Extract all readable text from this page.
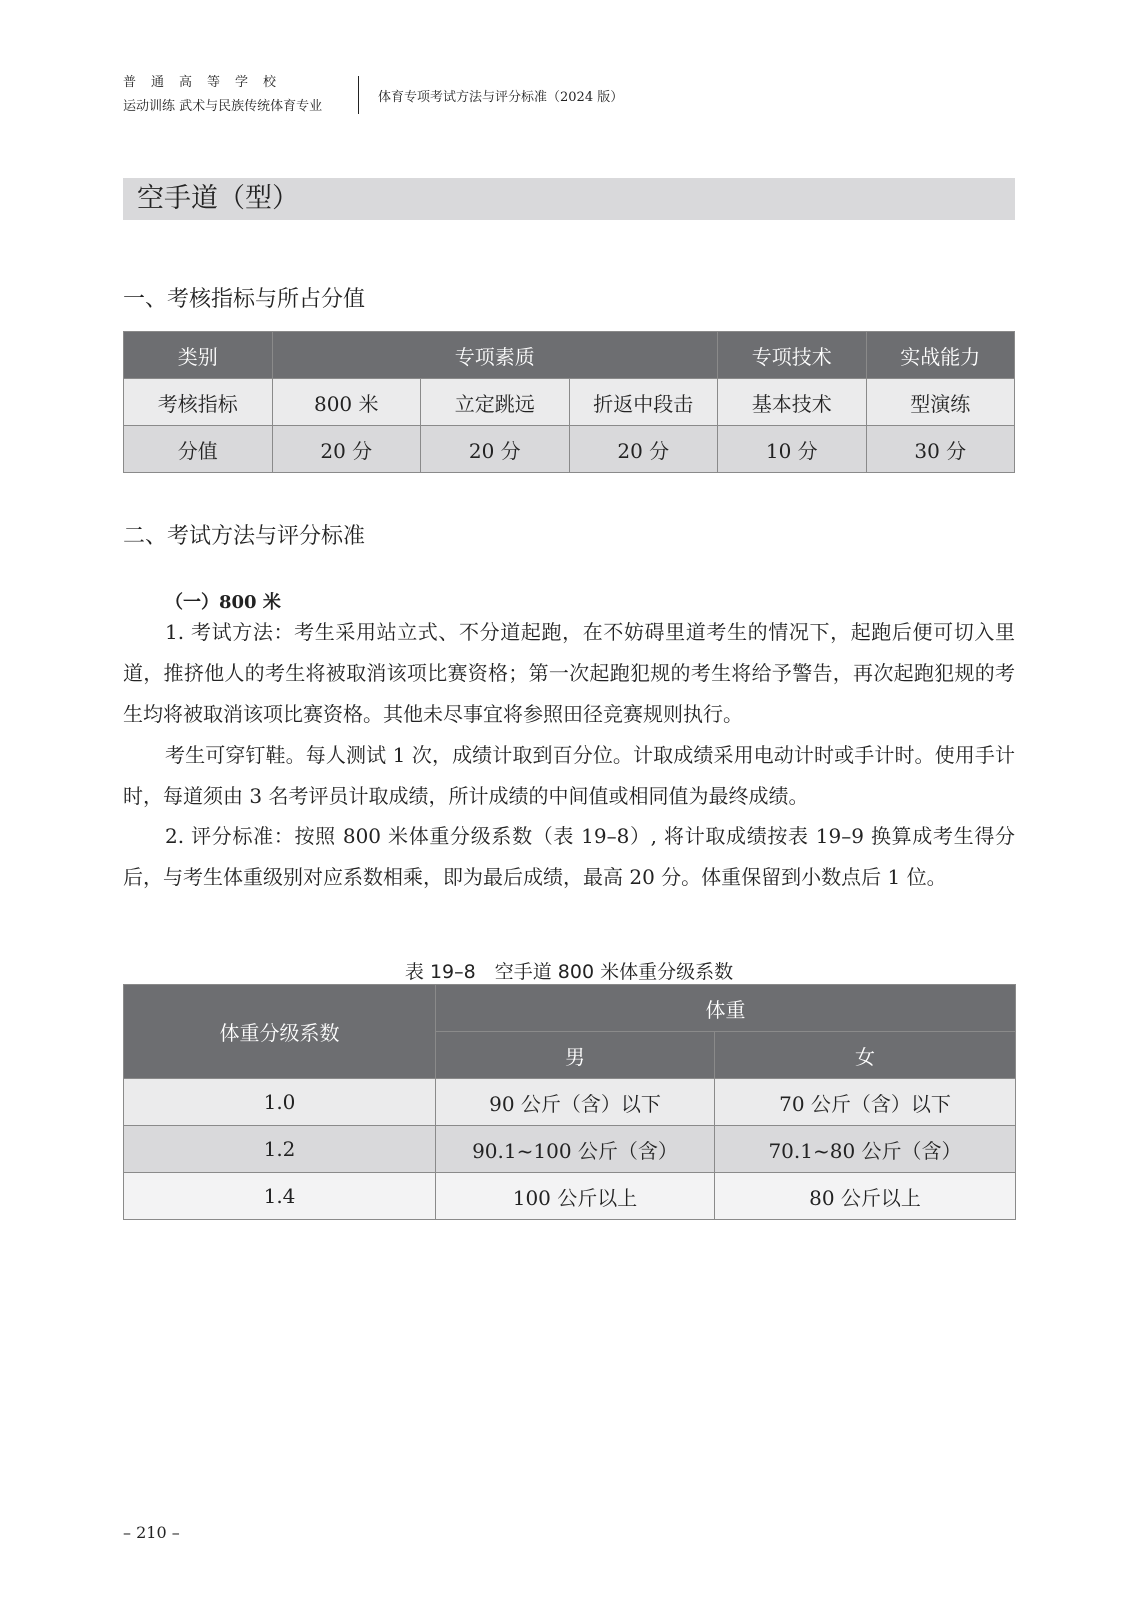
普通高等学校
运动训练 武术与民族传统体育专业
体育专项考试方法与评分标准（2024 版）
空手道（型）
一、考核指标与所占分值
类别	专项素质			专项技术	实战能力
考核指标	800 米	立定跳远	折返中段击	基本技术	型演练
分值	20 分	20 分	20 分	10 分	30 分
二、考试方法与评分标准
（一）800 米

1. 考试方法：考生采用站立式、不分道起跑，在不妨碍里道考生的情况下，起跑后便可切入里道，推挤他人的考生将被取消该项比赛资格；第一次起跑犯规的考生将给予警告，再次起跑犯规的考生均将被取消该项比赛资格。其他未尽事宜将参照田径竞赛规则执行。

考生可穿钉鞋。每人测试 1 次，成绩计取到百分位。计取成绩采用电动计时或手计时。使用手计时，每道须由 3 名考评员计取成绩，所计成绩的中间值或相同值为最终成绩。

2. 评分标准：按照 800 米体重分级系数（表 19–8）, 将计取成绩按表 19–9 换算成考生得分后，与考生体重级别对应系数相乘，即为最后成绩，最高 20 分。体重保留到小数点后 1 位。

表 19–8　空手道 800 米体重分级系数

体重分级系数	体重	
	男	女
1.0	90 公斤（含）以下	70 公斤（含）以下
1.2	90.1~100 公斤（含）	70.1~80 公斤（含）
1.4	100 公斤以上	80 公斤以上
– 210 –
